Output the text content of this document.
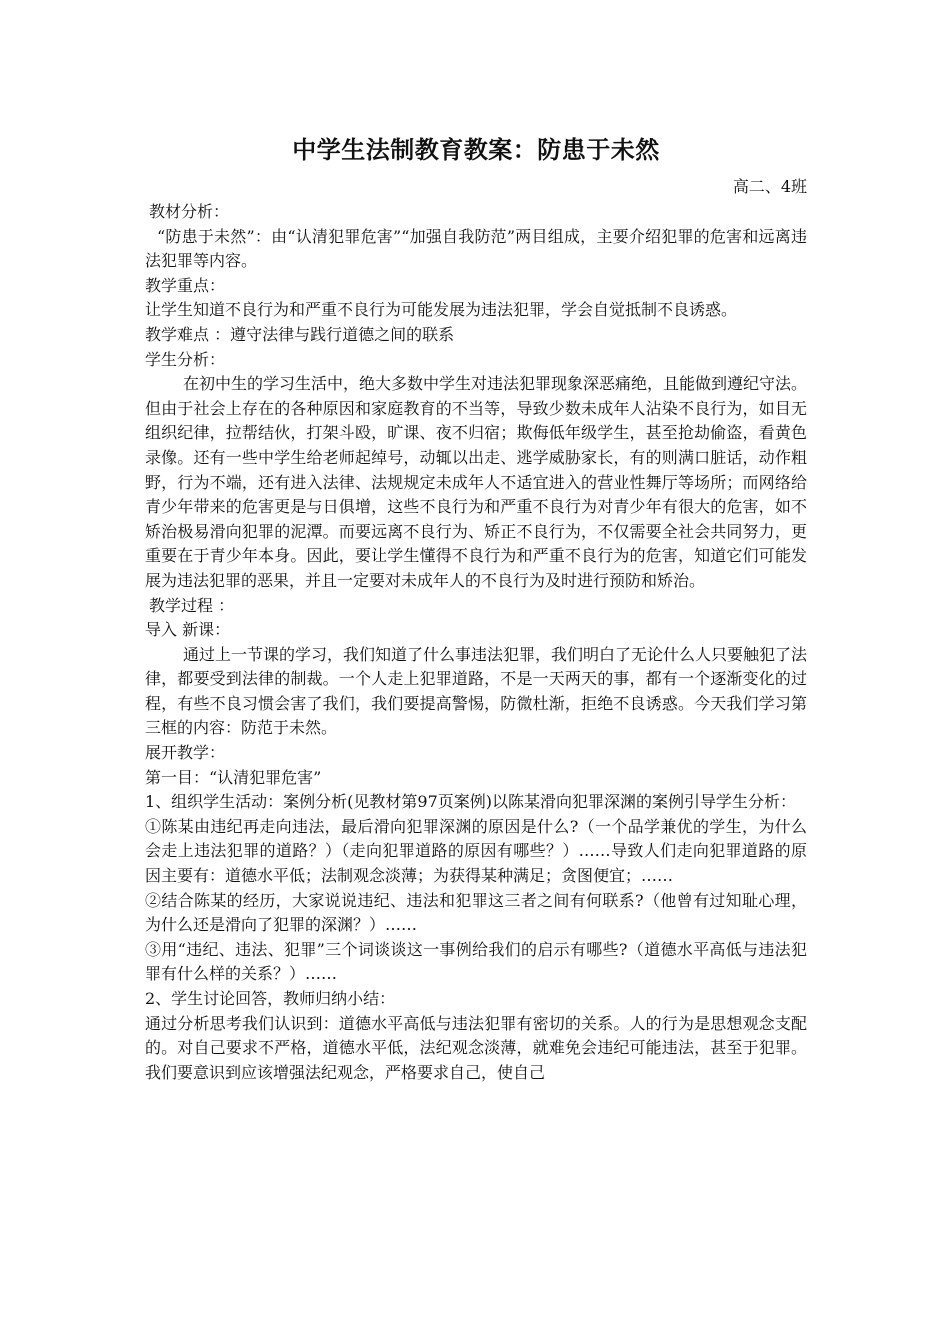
中学生法制教育教案：防患于未然
高二、4班

教材分析：

“防患于未然”：由“认清犯罪危害”“加强自我防范”两目组成，主要介绍犯罪的危害和远离违法犯罪等内容。

教学重点：

让学生知道不良行为和严重不良行为可能发展为违法犯罪，学会自觉抵制不良诱惑。

教学难点 ：遵守法律与践行道德之间的联系

学生分析：

在初中生的学习生活中，绝大多数中学生对违法犯罪现象深恶痛绝，且能做到遵纪守法。但由于社会上存在的各种原因和家庭教育的不当等，导致少数未成年人沾染不良行为，如目无组织纪律，拉帮结伙，打架斗殴，旷课、夜不归宿；欺侮低年级学生，甚至抢劫偷盗，看黄色录像。还有一些中学生给老师起绰号，动辄以出走、逃学威胁家长，有的则满口脏话，动作粗野，行为不端，还有进入法律、法规规定未成年人不适宜进入的营业性舞厅等场所；而网络给青少年带来的危害更是与日俱增，这些不良行为和严重不良行为对青少年有很大的危害，如不矫治极易滑向犯罪的泥潭。而要远离不良行为、矫正不良行为，不仅需要全社会共同努力，更重要在于青少年本身。因此，要让学生懂得不良行为和严重不良行为的危害，知道它们可能发展为违法犯罪的恶果，并且一定要对未成年人的不良行为及时进行预防和矫治。

教学过程 ：

导入 新课：

通过上一节课的学习，我们知道了什么事违法犯罪，我们明白了无论什么人只要触犯了法律，都要受到法律的制裁。一个人走上犯罪道路，不是一天两天的事，都有一个逐渐变化的过程，有些不良习惯会害了我们，我们要提高警惕，防微杜渐，拒绝不良诱惑。今天我们学习第三框的内容：防范于未然。

展开教学：

第一目：“认清犯罪危害”

1、组织学生活动：案例分析(见教材第97页案例)以陈某滑向犯罪深渊的案例引导学生分析：

①陈某由违纪再走向违法，最后滑向犯罪深渊的原因是什么?（一个品学兼优的学生，为什么会走上违法犯罪的道路？）（走向犯罪道路的原因有哪些？）……导致人们走向犯罪道路的原因主要有：道德水平低；法制观念淡薄；为获得某种满足；贪图便宜；……

②结合陈某的经历，大家说说违纪、违法和犯罪这三者之间有何联系?（他曾有过知耻心理，为什么还是滑向了犯罪的深渊？）……

③用“违纪、违法、犯罪”三个词谈谈这一事例给我们的启示有哪些?（道德水平高低与违法犯罪有什么样的关系？）……

2、学生讨论回答，教师归纳小结：

通过分析思考我们认识到：道德水平高低与违法犯罪有密切的关系。人的行为是思想观念支配的。对自己要求不严格，道德水平低，法纪观念淡薄，就难免会违纪可能违法，甚至于犯罪。我们要意识到应该增强法纪观念，严格要求自己，使自己
